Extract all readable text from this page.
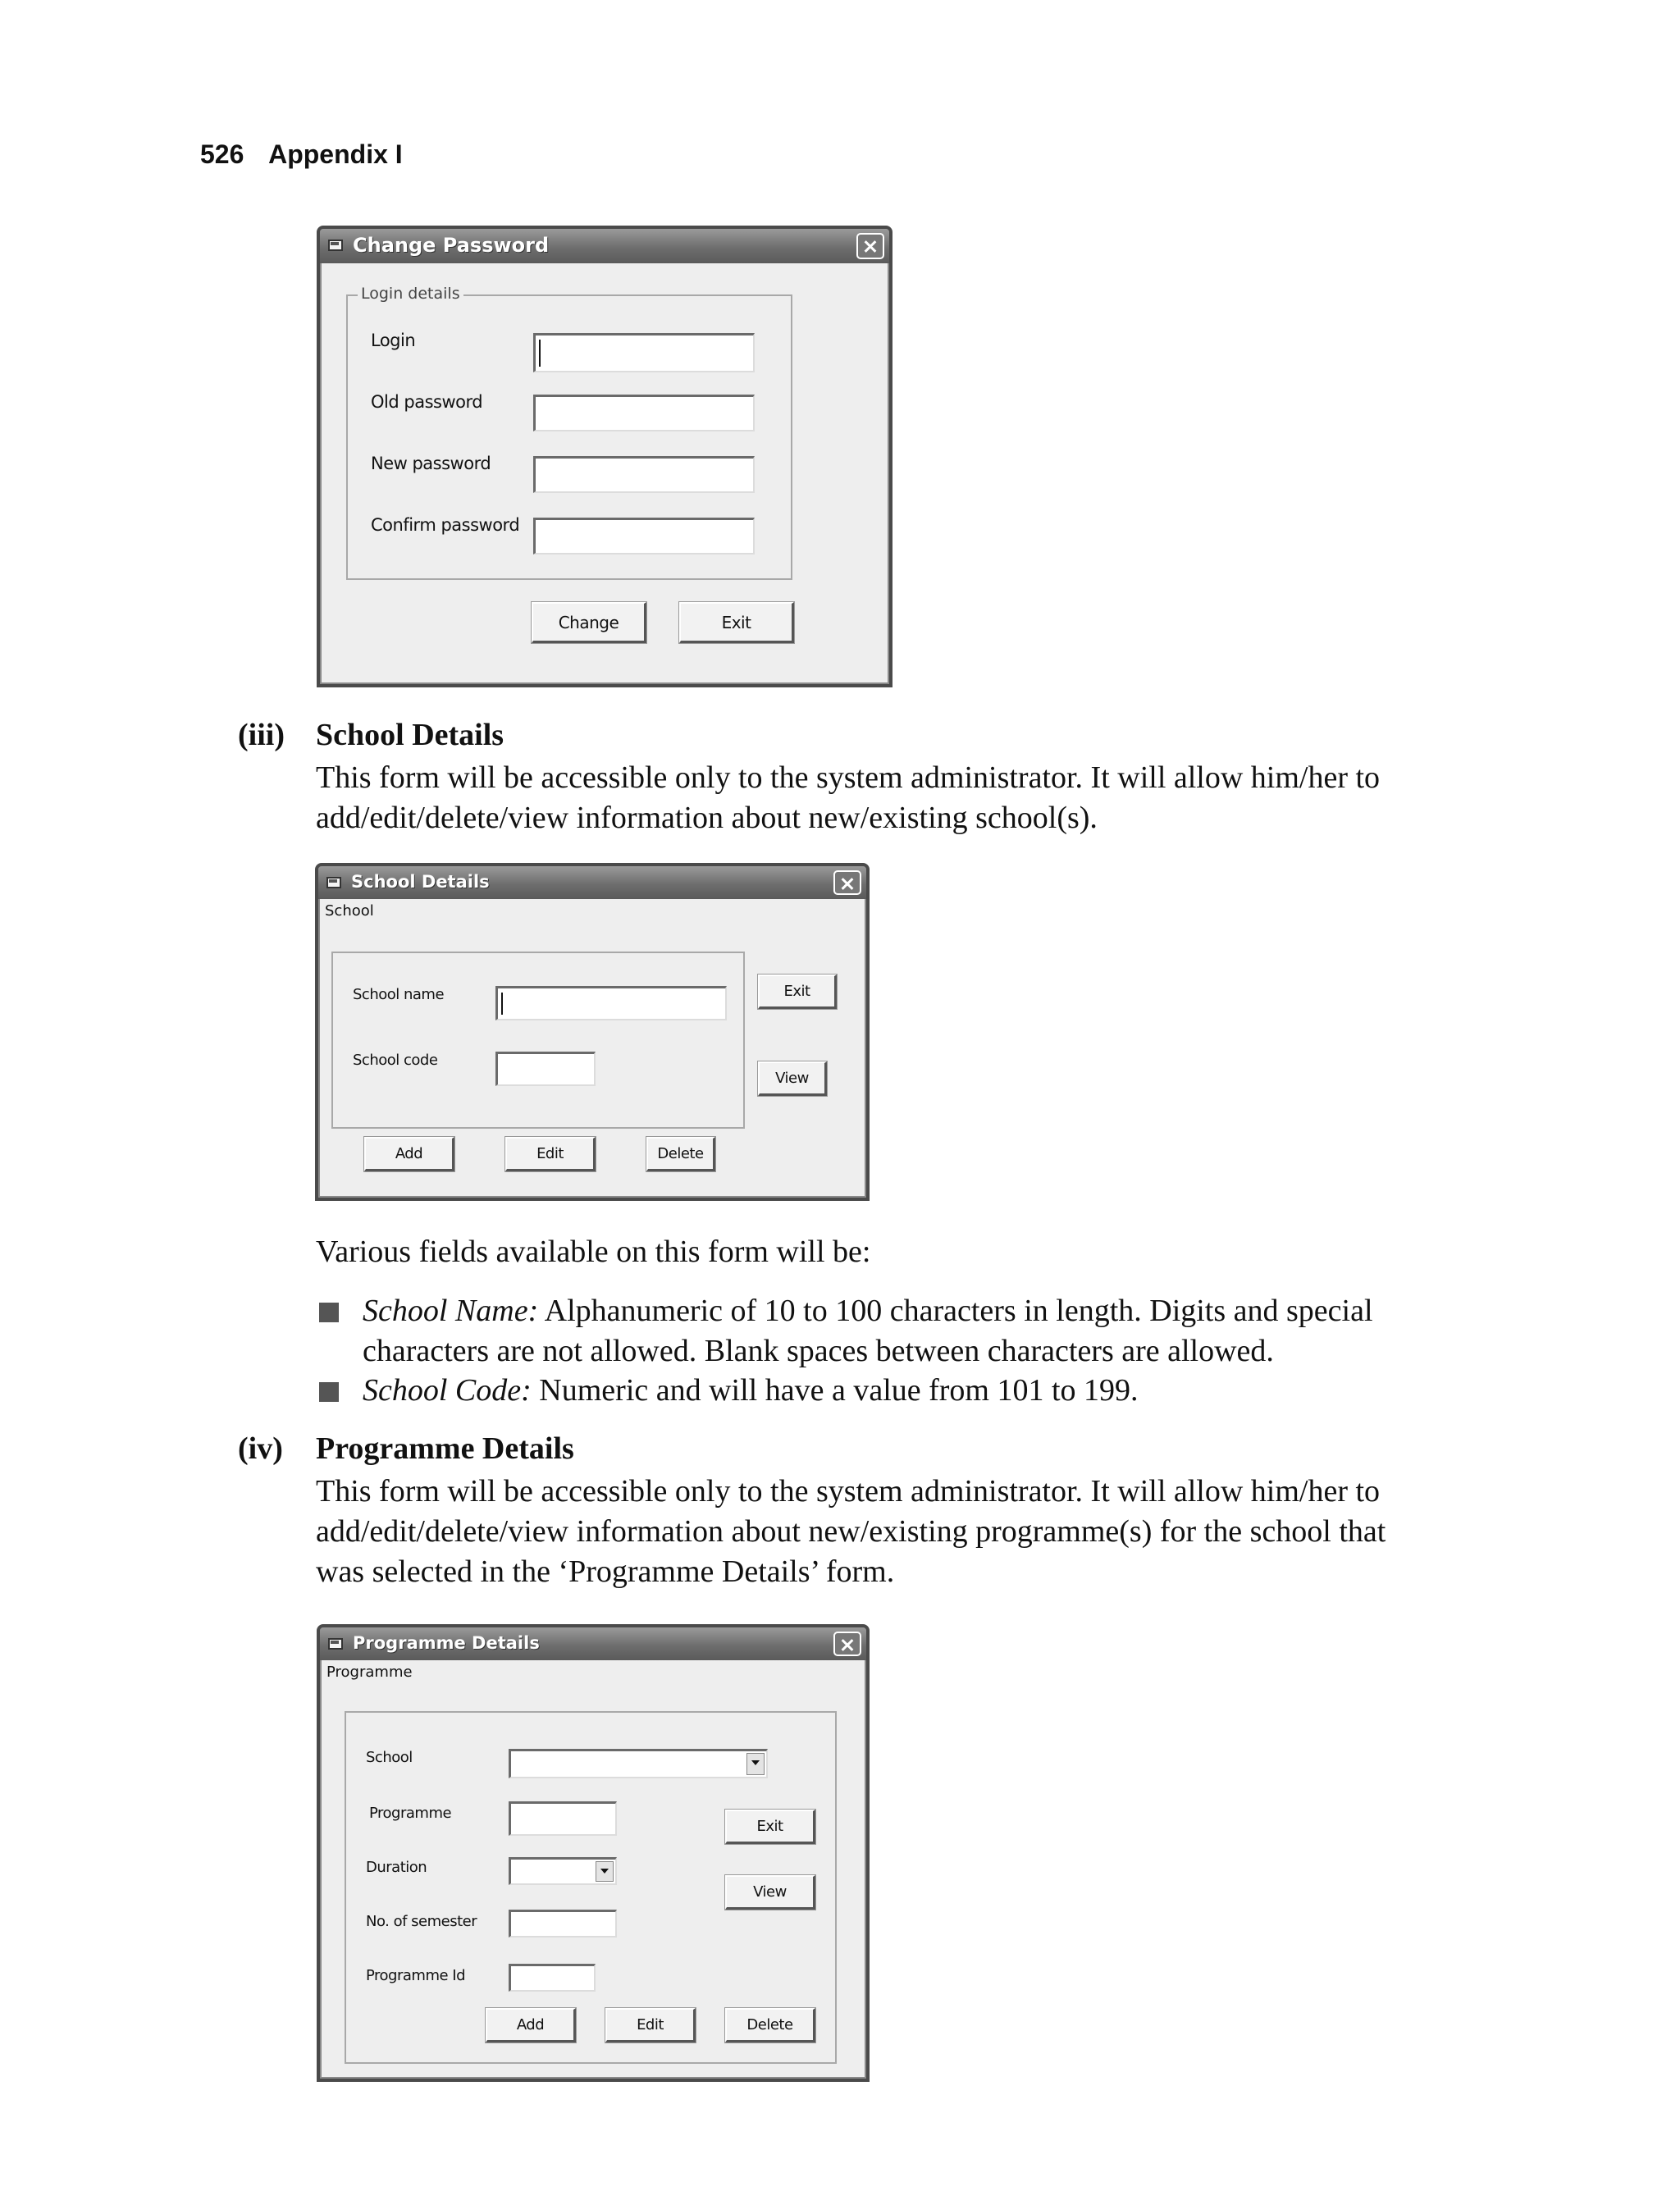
526 Appendix I
Change Password
Login details
Login
Old password
New password
Confirm password
Change	Exit
(iii) School Details
This form will be accessible only to the system administrator. It will allow him/her to
add/edit/delete/view information about new/existing school(s).
School Details
School
School name
School code
Exit
View
Add	Edit	Delete
Various fields available on this form will be:
School Name: Alphanumeric of 10 to 100 characters in length. Digits and special
characters are not allowed. Blank spaces between characters are allowed.
School Code: Numeric and will have a value from 101 to 199.
(iv) Programme Details
This form will be accessible only to the system administrator. It will allow him/her to
add/edit/delete/view information about new/existing programme(s) for the school that
was selected in the ‘Programme Details’ form.
Programme Details
Programme
School
Programme
Duration
No. of semester
Programme Id
Exit
View
Add	Edit	Delete
